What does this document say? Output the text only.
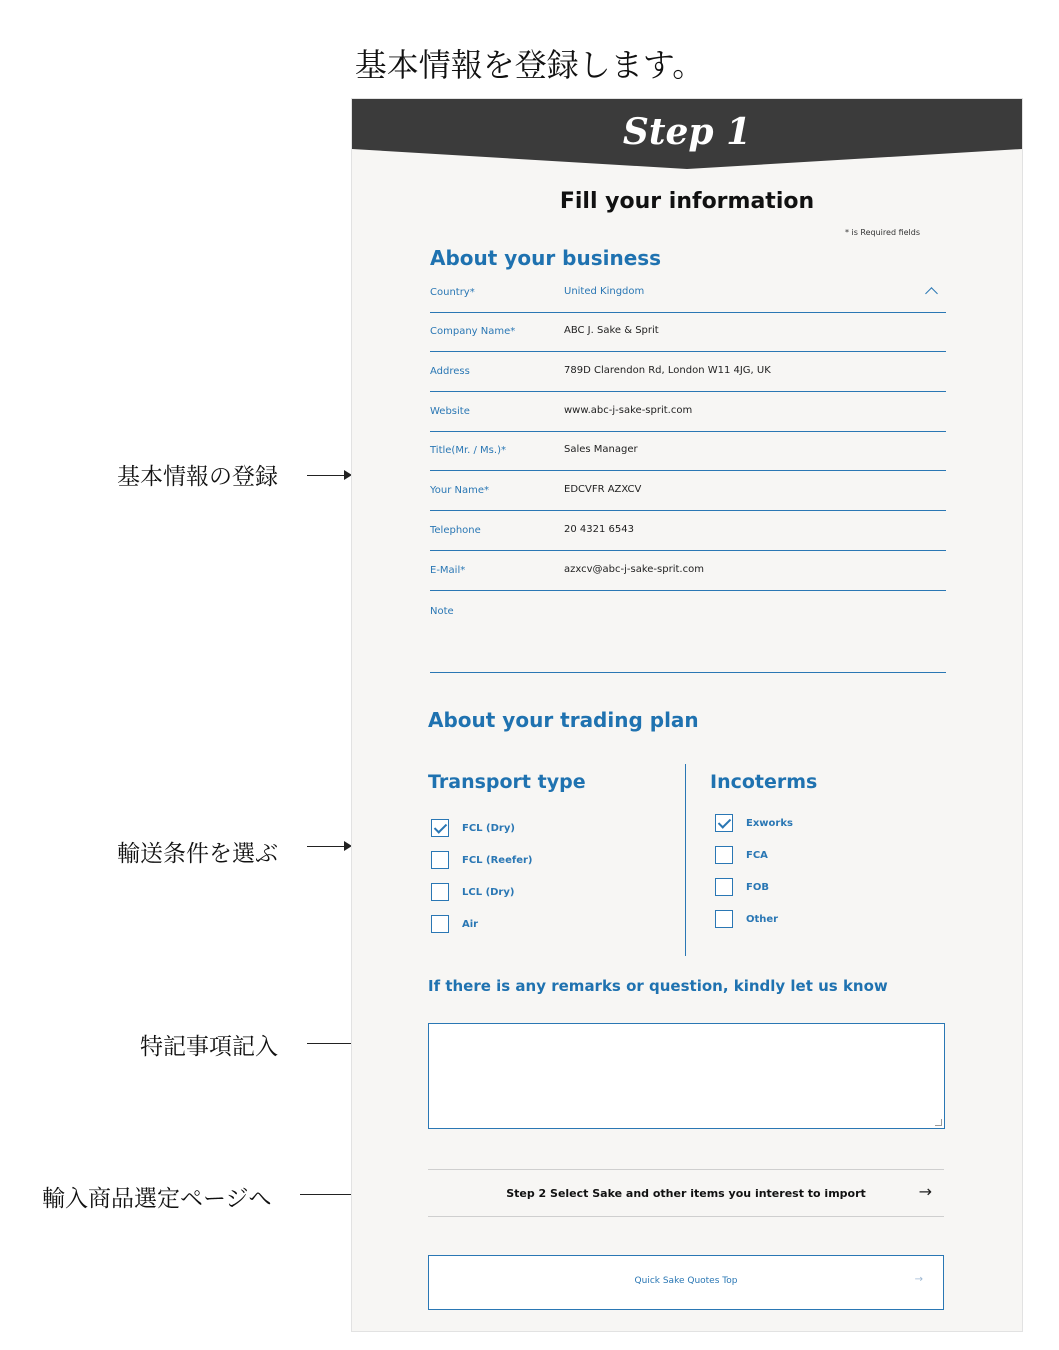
基本情報を登録します。
基本情報の登録
輸送条件を選ぶ
特記事項記入
輸入商品選定ページへ
Step 1
Fill your information
* is Required fields
About your business
Country*	United Kingdom
Company Name*	ABC J. Sake & Sprit
Address	789D Clarendon Rd, London W11 4JG, UK
Website	www.abc-j-sake-sprit.com
Title(Mr. / Ms.)*	Sales Manager
Your Name*	EDCVFR AZXCV
Telephone	20 4321 6543
E-Mail*	azxcv@abc-j-sake-sprit.com
Note
About your trading plan
Transport type	Incoterms
FCL (Dry)
FCL (Reefer)
LCL (Dry)
Air
Exworks
FCA
FOB
Other
If there is any remarks or question, kindly let us know
Step 2 Select Sake and other items you interest to import	→
Quick Sake Quotes Top	→
